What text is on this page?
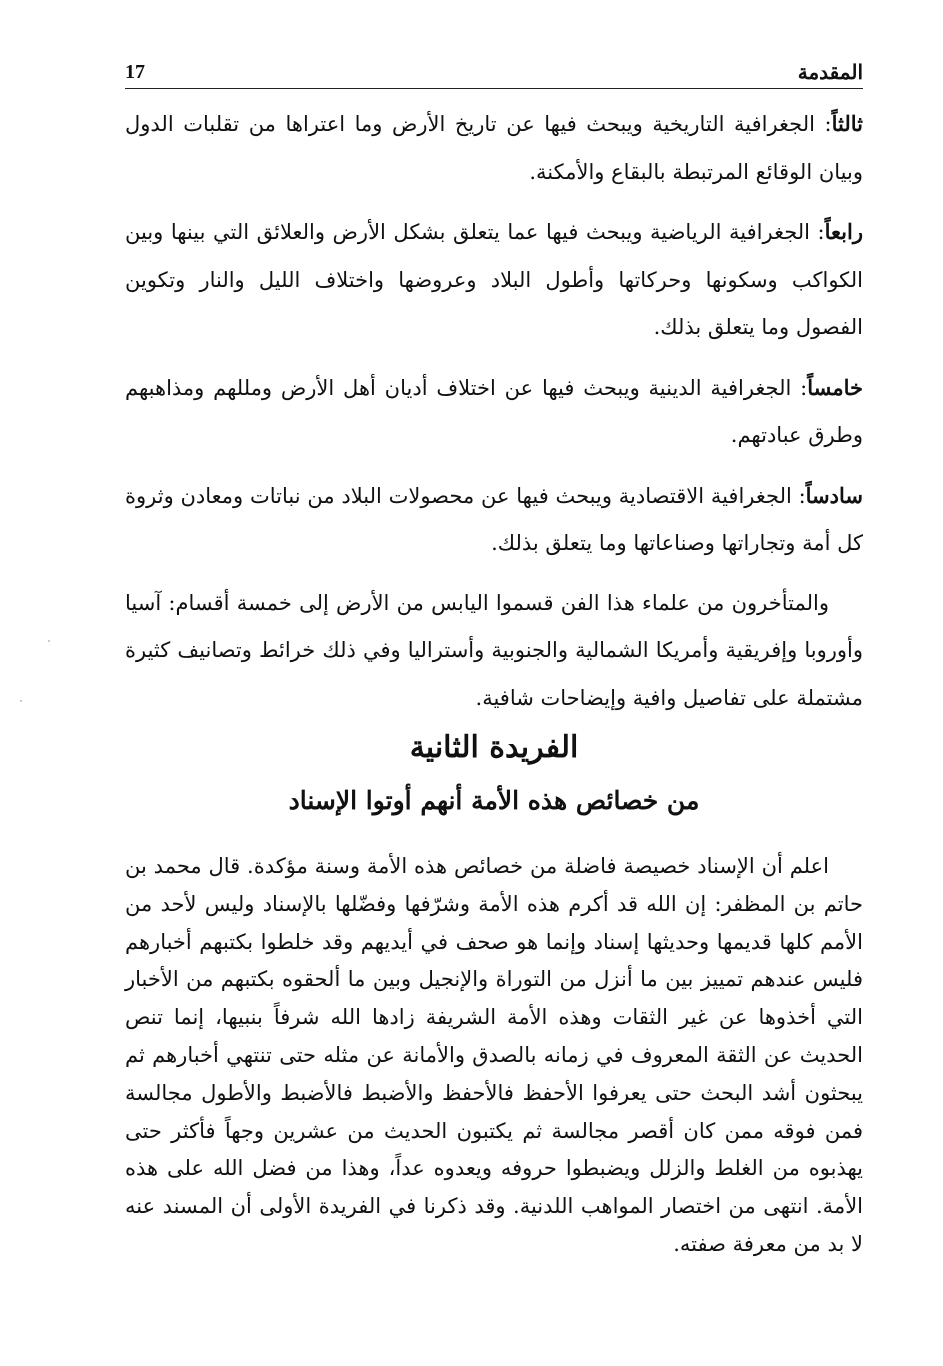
المقدمة
17

ثالثاً: الجغرافية التاريخية ويبحث فيها عن تاريخ الأرض وما اعتراها من تقلبات الدول وبيان الوقائع المرتبطة بالبقاع والأمكنة.

رابعاً: الجغرافية الرياضية ويبحث فيها عما يتعلق بشكل الأرض والعلائق التي بينها وبين الكواكب وسكونها وحركاتها وأطول البلاد وعروضها واختلاف الليل والنار وتكوين الفصول وما يتعلق بذلك.

خامساً: الجغرافية الدينية ويبحث فيها عن اختلاف أديان أهل الأرض ومللهم ومذاهبهم وطرق عبادتهم.

سادساً: الجغرافية الاقتصادية ويبحث فيها عن محصولات البلاد من نباتات ومعادن وثروة كل أمة وتجاراتها وصناعاتها وما يتعلق بذلك.

والمتأخرون من علماء هذا الفن قسموا اليابس من الأرض إلى خمسة أقسام: آسيا وأوروبا وإفريقية وأمريكا الشمالية والجنوبية وأستراليا وفي ذلك خرائط وتصانيف كثيرة مشتملة على تفاصيل وافية وإيضاحات شافية.

الفريدة الثانية

من خصائص هذه الأمة أنهم أوتوا الإسناد

اعلم أن الإسناد خصيصة فاضلة من خصائص هذه الأمة وسنة مؤكدة. قال محمد بن حاتم بن المظفر: إن الله قد أكرم هذه الأمة وشرّفها وفضّلها بالإسناد وليس لأحد من الأمم كلها قديمها وحديثها إسناد وإنما هو صحف في أيديهم وقد خلطوا بكتبهم أخبارهم فليس عندهم تمييز بين ما أنزل من التوراة والإنجيل وبين ما ألحقوه بكتبهم من الأخبار التي أخذوها عن غير الثقات وهذه الأمة الشريفة زادها الله شرفاً بنبيها، إنما تنص الحديث عن الثقة المعروف في زمانه بالصدق والأمانة عن مثله حتى تنتهي أخبارهم ثم يبحثون أشد البحث حتى يعرفوا الأحفظ فالأحفظ والأضبط فالأضبط والأطول مجالسة فمن فوقه ممن كان أقصر مجالسة ثم يكتبون الحديث من عشرين وجهاً فأكثر حتى يهذبوه من الغلط والزلل ويضبطوا حروفه ويعدوه عداً، وهذا من فضل الله على هذه الأمة. انتهى من اختصار المواهب اللدنية. وقد ذكرنا في الفريدة الأولى أن المسند عنه لا بد من معرفة صفته.
